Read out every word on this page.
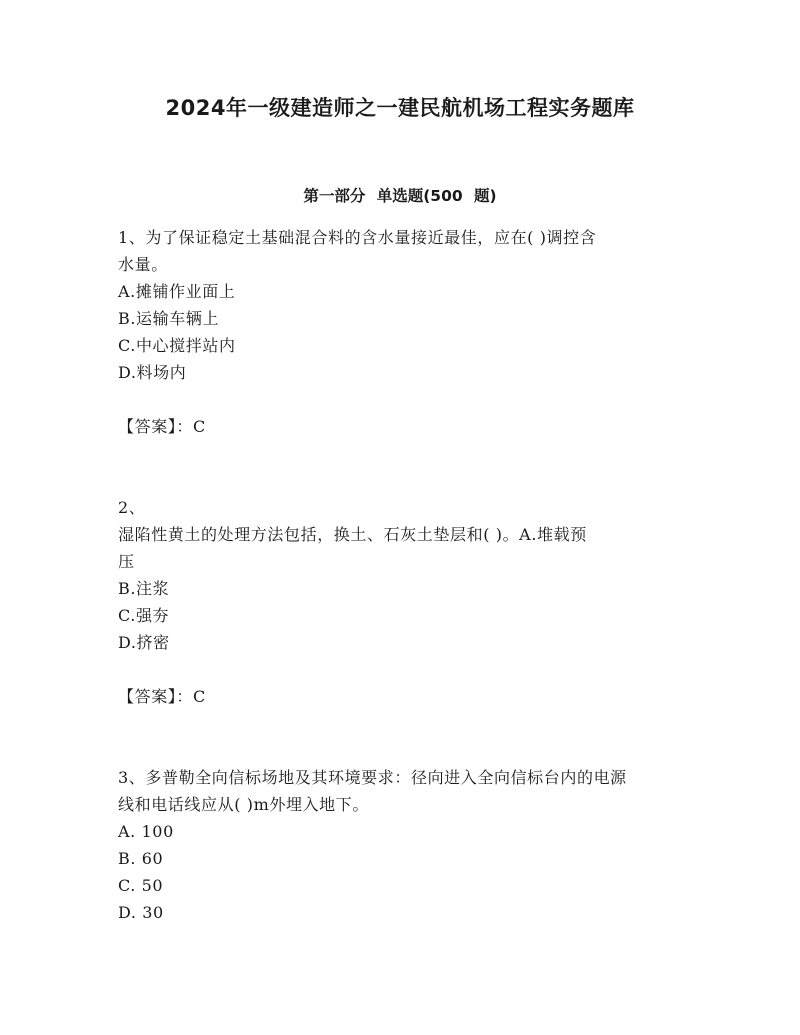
2024年一级建造师之一建民航机场工程实务题库
第一部分 单选题(500 题)
1、为了保证稳定土基础混合料的含水量接近最佳，应在( )调控含
水量。
A.摊铺作业面上
B.运输车辆上
C.中心搅拌站内
D.料场内
【答案】：C
2、
湿陷性黄土的处理方法包括，换土、石灰土垫层和( )。A.堆载预
压
B.注浆
C.强夯
D.挤密
【答案】：C
3、多普勒全向信标场地及其环境要求：径向进入全向信标台内的电源
线和电话线应从( )m外埋入地下。
A. 100
B. 60
C. 50
D. 30
